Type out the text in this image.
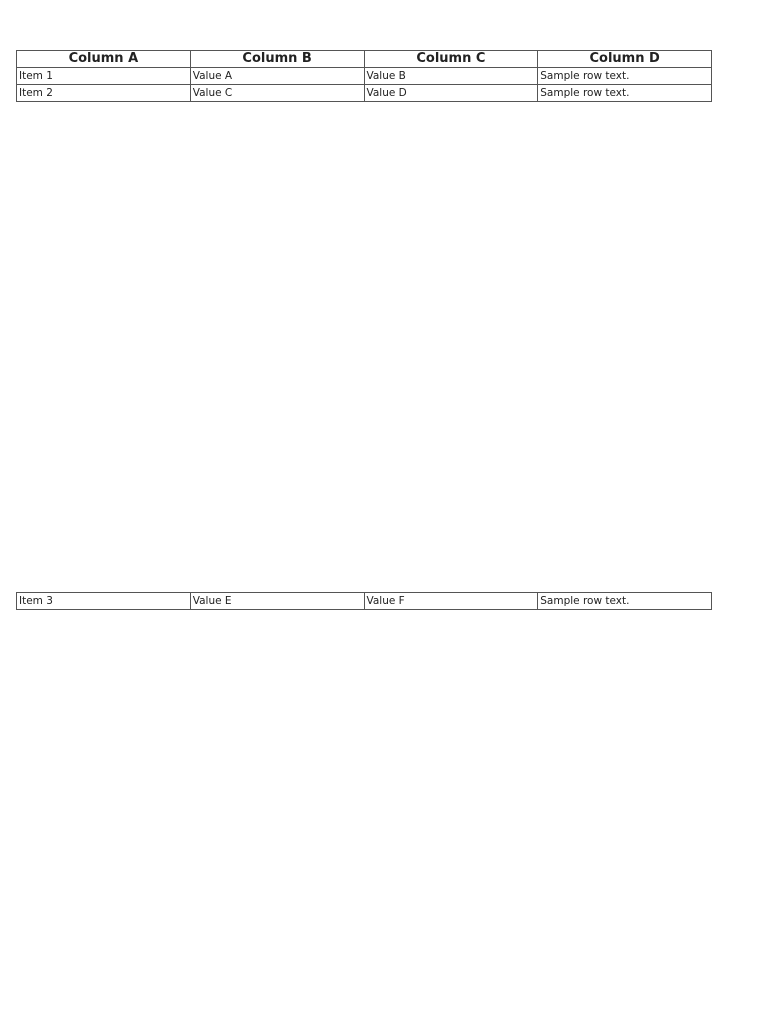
Column A	Column B	Column C	Column D
Item 1	Value A	Value B	Sample row text.
Item 2	Value C	Value D	Sample row text.
Item 3	Value E	Value F	Sample row text.
